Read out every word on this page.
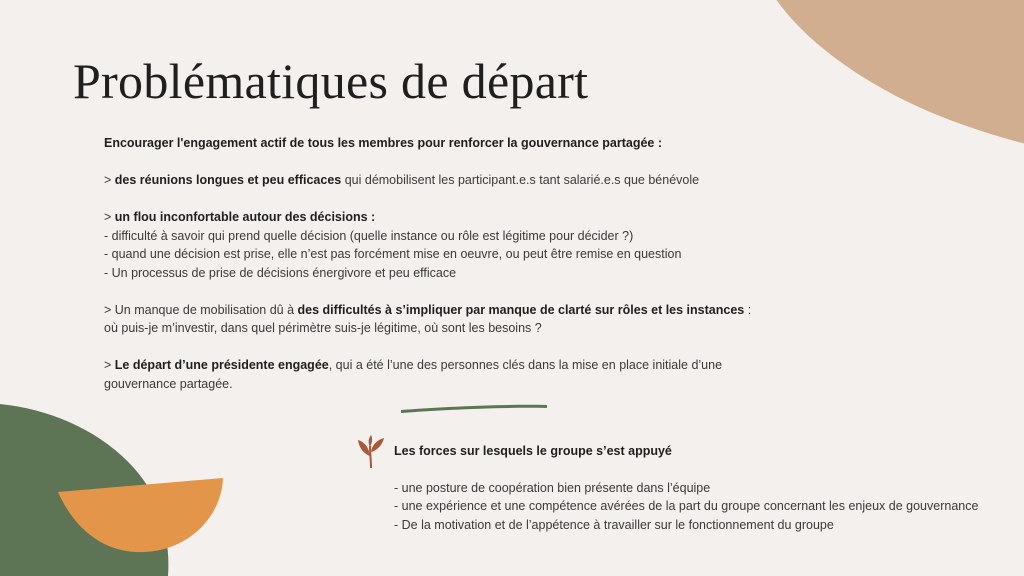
Problématiques de départ

Encourager l'engagement actif de tous les membres pour renforcer la gouvernance partagée :

> des réunions longues et peu efficaces qui démobilisent les participant.e.s tant salarié.e.s que bénévole

> un flou inconfortable autour des décisions :

- difficulté à savoir qui prend quelle décision (quelle instance ou rôle est légitime pour décider ?)

- quand une décision est prise, elle n’est pas forcément mise en oeuvre, ou peut être remise en question

- Un processus de prise de décisions énergivore et peu efficace

> Un manque de mobilisation dû à des difficultés à s’impliquer par manque de clarté sur rôles et les instances : où puis-je m’investir, dans quel périmètre suis-je légitime, où sont les besoins ?

> Le départ d’une présidente engagée, qui a été l’une des personnes clés dans la mise en place initiale d’une gouvernance partagée.

Les forces sur lesquels le groupe s’est appuyé

- une posture de coopération bien présente dans l’équipe

- une expérience et une compétence avérées de la part du groupe concernant les enjeux de gouvernance

- De la motivation et de l’appétence à travailler sur le fonctionnement du groupe
